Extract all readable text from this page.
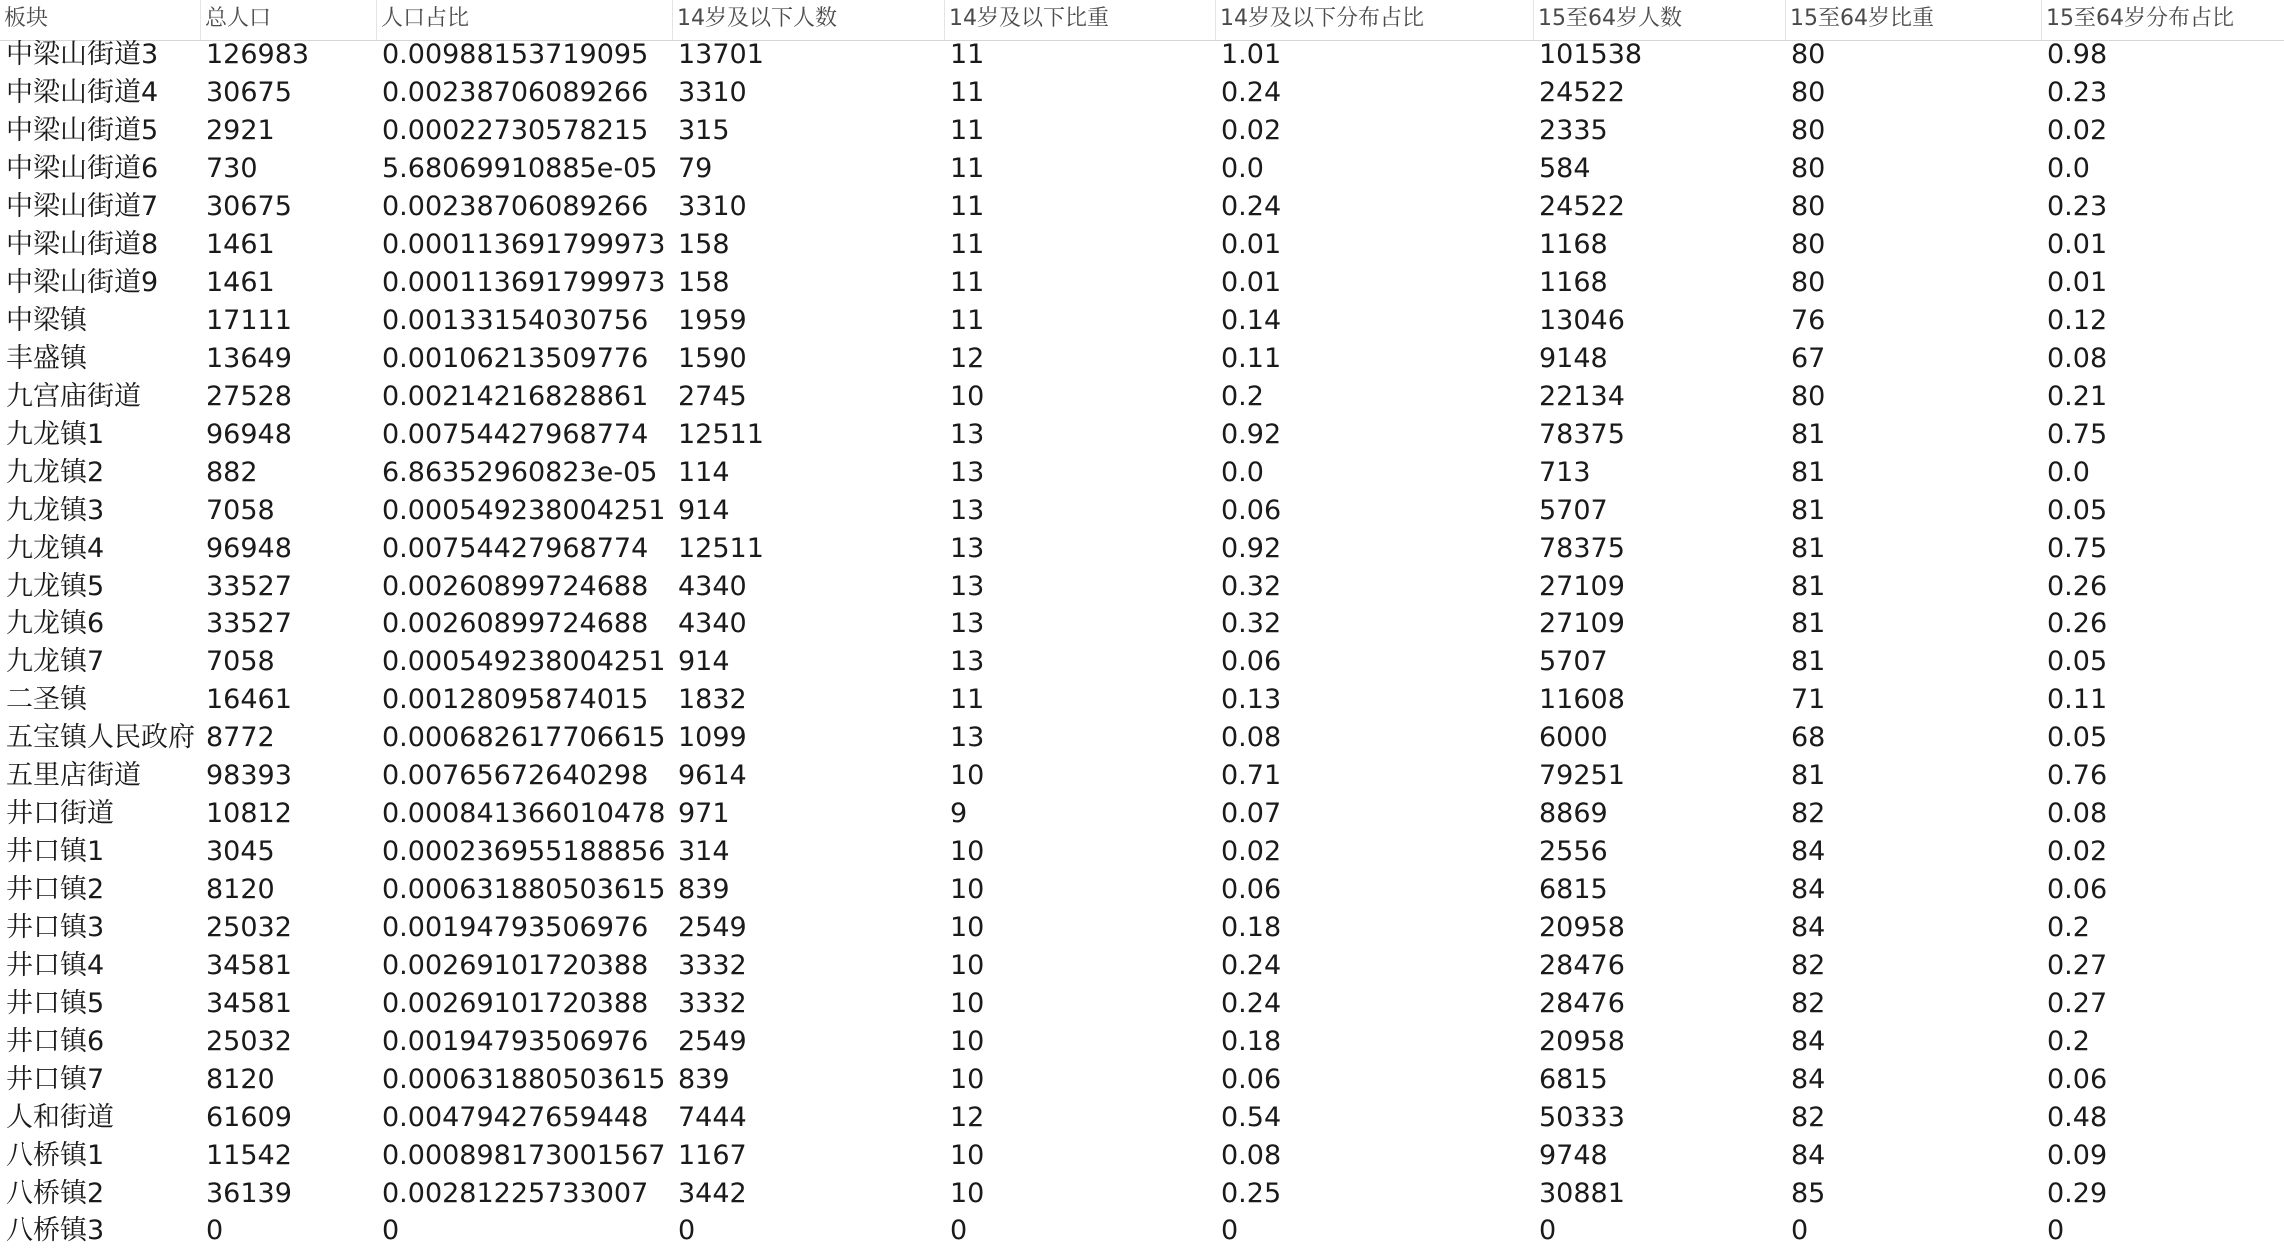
板块	总人口	人口占比	14岁及以下人数	14岁及以下比重	14岁及以下分布占比	15至64岁人数	15至64岁比重	15至64岁分布占比
中梁山街道3	126983	0.00988153719095	13701	11	1.01	101538	80	0.98
中梁山街道4	30675	0.00238706089266	3310	11	0.24	24522	80	0.23
中梁山街道5	2921	0.00022730578215	315	11	0.02	2335	80	0.02
中梁山街道6	730	5.68069910885e-05 79	11	0.0	584	80	0.0
中梁山街道7	30675	0.00238706089266	3310	11	0.24	24522	80	0.23
中梁山街道8	1461	0.000113691799973 158	11	0.01	1168	80	0.01
中梁山街道9	1461	0.000113691799973 158	11	0.01	1168	80	0.01
中梁镇	17111	0.00133154030756	1959	11	0.14	13046	76	0.12
丰盛镇	13649	0.00106213509776	1590	12	0.11	9148	67	0.08
九宫庙街道	27528	0.00214216828861	2745	10	0.2	22134	80	0.21
九龙镇1	96948	0.00754427968774	12511	13	0.92	78375	81	0.75
九龙镇2	882	6.86352960823e-05 114	13	0.0	713	81	0.0
九龙镇3	7058	0.000549238004251 914	13	0.06	5707	81	0.05
九龙镇4	96948	0.00754427968774	12511	13	0.92	78375	81	0.75
九龙镇5	33527	0.00260899724688	4340	13	0.32	27109	81	0.26
九龙镇6	33527	0.00260899724688	4340	13	0.32	27109	81	0.26
九龙镇7	7058	0.000549238004251 914	13	0.06	5707	81	0.05
二圣镇	16461	0.00128095874015	1832	11	0.13	11608	71	0.11
五宝镇人民政府 8772	0.000682617706615 1099	13	0.08	6000	68	0.05
五里店街道	98393	0.00765672640298	9614	10	0.71	79251	81	0.76
井口街道	10812	0.000841366010478 971	9	0.07	8869	82	0.08
井口镇1	3045	0.000236955188856 314	10	0.02	2556	84	0.02
井口镇2	8120	0.000631880503615 839	10	0.06	6815	84	0.06
井口镇3	25032	0.00194793506976	2549	10	0.18	20958	84	0.2
井口镇4	34581	0.00269101720388	3332	10	0.24	28476	82	0.27
井口镇5	34581	0.00269101720388	3332	10	0.24	28476	82	0.27
井口镇6	25032	0.00194793506976	2549	10	0.18	20958	84	0.2
井口镇7	8120	0.000631880503615 839	10	0.06	6815	84	0.06
人和街道	61609	0.00479427659448	7444	12	0.54	50333	82	0.48
八桥镇1	11542	0.000898173001567 1167	10	0.08	9748	84	0.09
八桥镇2	36139	0.00281225733007	3442	10	0.25	30881	85	0.29
八桥镇3	0	0	0	0	0	0	0	0
